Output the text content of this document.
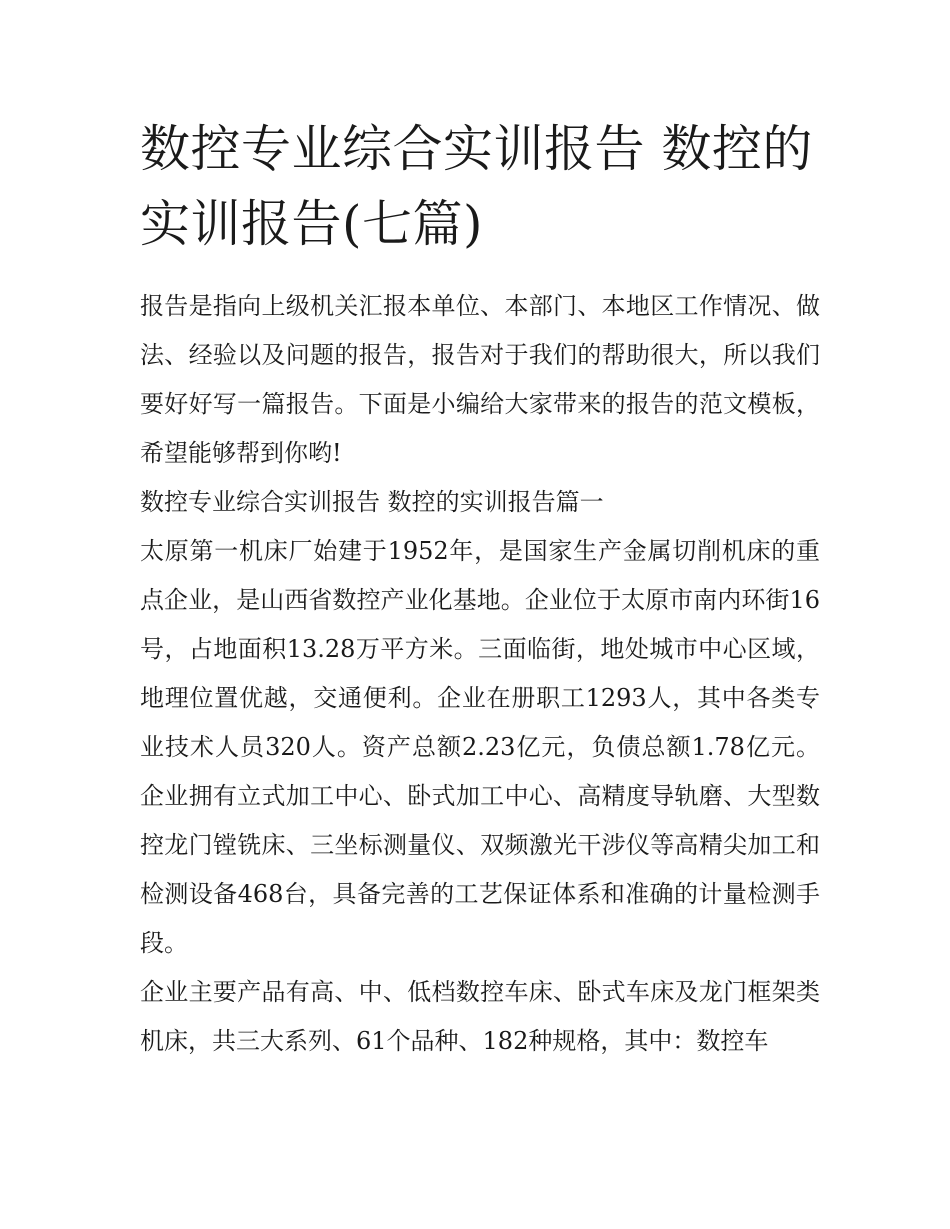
数控专业综合实训报告 数控的实训报告(七篇)

报告是指向上级机关汇报本单位、本部门、本地区工作情况、做法、经验以及问题的报告，报告对于我们的帮助很大，所以我们要好好写一篇报告。下面是小编给大家带来的报告的范文模板，希望能够帮到你哟!

数控专业综合实训报告 数控的实训报告篇一

太原第一机床厂始建于1952年，是国家生产金属切削机床的重点企业，是山西省数控产业化基地。企业位于太原市南内环街16号，占地面积13.28万平方米。三面临街，地处城市中心区域，地理位置优越，交通便利。企业在册职工1293人，其中各类专业技术人员320人。资产总额2.23亿元，负债总额1.78亿元。企业拥有立式加工中心、卧式加工中心、高精度导轨磨、大型数控龙门镗铣床、三坐标测量仪、双频激光干涉仪等高精尖加工和检测设备468台，具备完善的工艺保证体系和准确的计量检测手段。

企业主要产品有高、中、低档数控车床、卧式车床及龙门框架类机床，共三大系列、61个品种、182种规格，其中：数控车
